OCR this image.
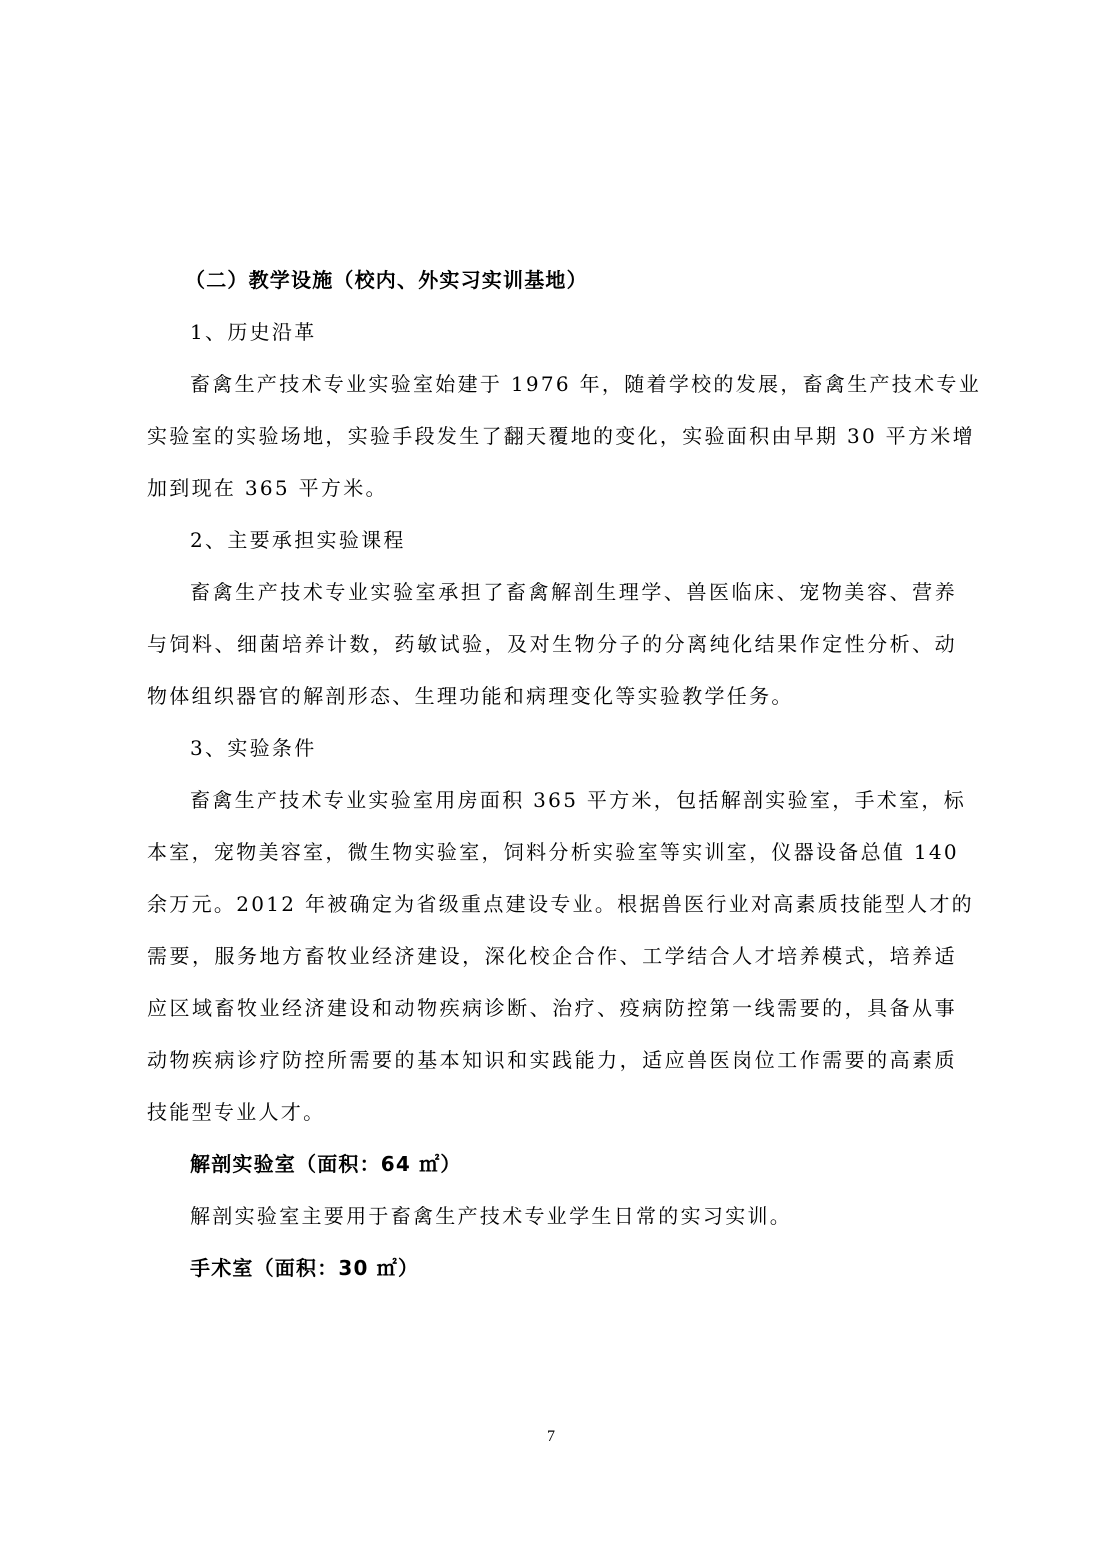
（二）教学设施（校内、外实习实训基地）
1、历史沿革
畜禽生产技术专业实验室始建于 1976 年，随着学校的发展，畜禽生产技术专业
实验室的实验场地，实验手段发生了翻天覆地的变化，实验面积由早期 30 平方米增
加到现在 365 平方米。
2、主要承担实验课程
畜禽生产技术专业实验室承担了畜禽解剖生理学、兽医临床、宠物美容、营养
与饲料、细菌培养计数，药敏试验，及对生物分子的分离纯化结果作定性分析、动
物体组织器官的解剖形态、生理功能和病理变化等实验教学任务。
3、实验条件
畜禽生产技术专业实验室用房面积 365 平方米，包括解剖实验室，手术室，标
本室，宠物美容室，微生物实验室，饲料分析实验室等实训室，仪器设备总值 140
余万元。2012 年被确定为省级重点建设专业。根据兽医行业对高素质技能型人才的
需要，服务地方畜牧业经济建设，深化校企合作、工学结合人才培养模式，培养适
应区域畜牧业经济建设和动物疾病诊断、治疗、疫病防控第一线需要的，具备从事
动物疾病诊疗防控所需要的基本知识和实践能力，适应兽医岗位工作需要的高素质
技能型专业人才。
解剖实验室（面积：64 ㎡）
解剖实验室主要用于畜禽生产技术专业学生日常的实习实训。
手术室（面积：30 ㎡）
7
